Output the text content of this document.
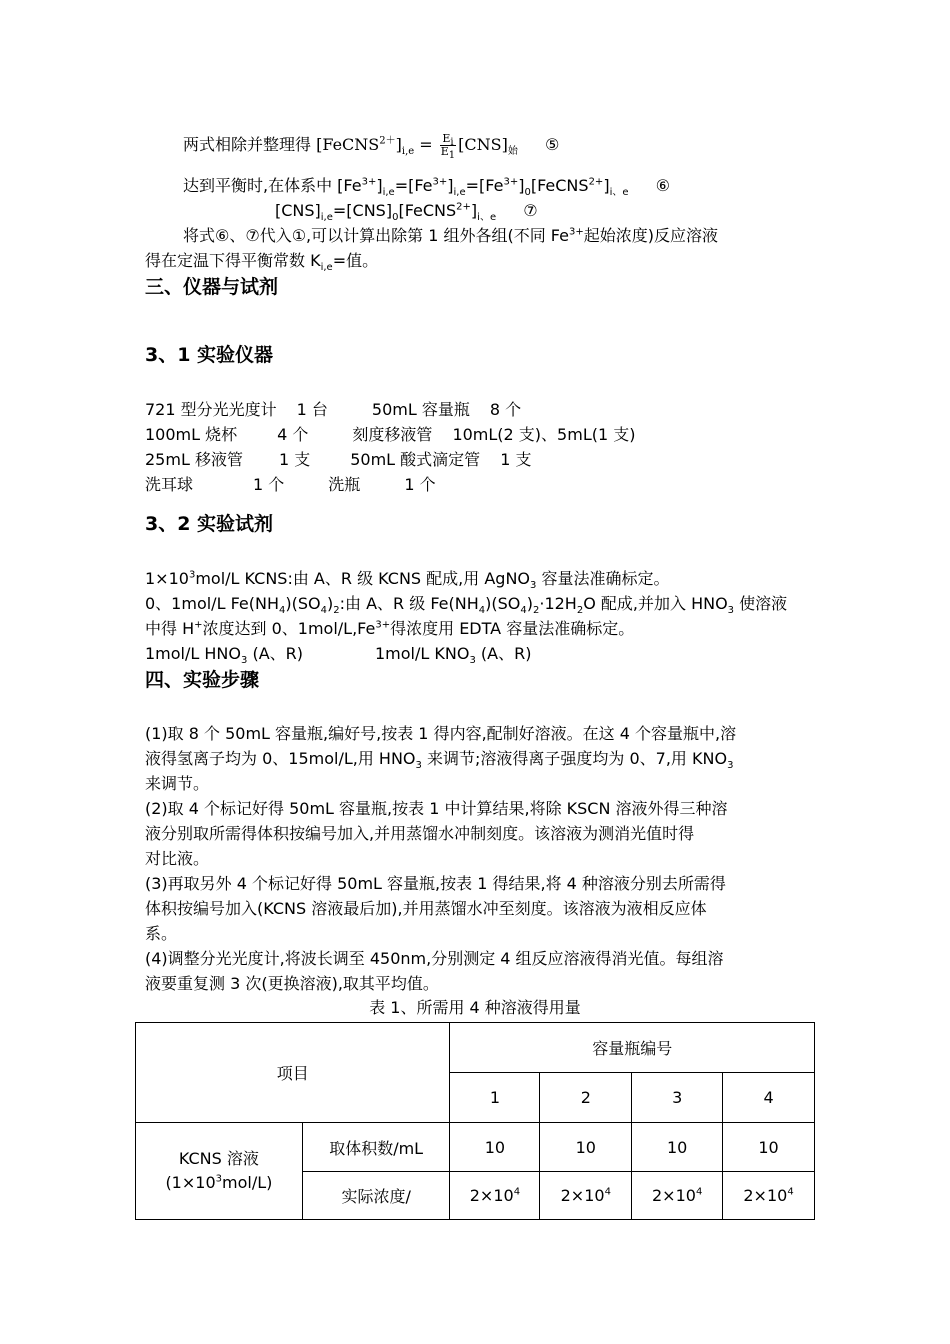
两式相除并整理得 $[FeCNS^{2+}]_{i,e} = \frac{E_i}{E_1} [CNS]_始$ ⑤
达到平衡时,在体系中 $[Fe^{3+}]_{i,e}=[Fe^{3+}]_{i,e}=[Fe^{3+}]_0[FeCNS^{2+}]_{i、e}$ ⑥
$[CNS]_{i,e}=[CNS]_0[FeCNS^{2+}]_{i、e}$ ⑦
将式⑥、⑦代入①,可以计算出除第 1 组外各组(不同 $Fe^{3+}$起始浓度)反应溶液
得在定温下得平衡常数 $K_{i,e}=$值。
三、仪器与试剂
3、1 实验仪器
721 型分光光度计 1 台	50mL 容量瓶 8 个
100mL 烧杯	4 个	刻度移液管 10mL(2 支)、5mL(1 支)
25mL 移液管 1 支	50mL 酸式滴定管 1 支
洗耳球	1 个	洗瓶	1 个
3、2 实验试剂
$1\times 10^3mol/L$ KCNS:由 A、R 级 KCNS 配成,用 AgNO$_3$ 容量法准确标定。
0、1mol/L $Fe(NH_4)(SO_4)_2$:由 A、R 级 $Fe(NH_4)(SO_4)_2\cdot 12H_2O$ 配成,并加入 $HNO_3$ 使溶液
中得 H+浓度达到 0、$1mol/L,Fe^{3+}$得浓度用 EDTA 容量法准确标定。
1mol/L $HNO_3$ (A、R)	1mol/L $KNO_3$ (A、R)
四、实验步骤
(1)取 8 个 50mL 容量瓶,编好号,按表 1 得内容,配制好溶液。在这 4 个容量瓶中,溶
液得氢离子均为 0、15mol/L,用 $HNO_3$ 来调节;溶液得离子强度均为 0、7,用 $KNO_3$
来调节。
(2)取 4 个标记好得 50mL 容量瓶,按表 1 中计算结果,将除 KSCN 溶液外得三种溶
液分别取所需得体积按编号加入,并用蒸馏水冲制刻度。该溶液为测消光值时得
对比液。
(3)再取另外 4 个标记好得 50mL 容量瓶,按表 1 得结果,将 4 种溶液分别去所需得
体积按编号加入(KCNS 溶液最后加),并用蒸馏水冲至刻度。该溶液为液相反应体
系。
(4)调整分光光度计,将波长调至 450nm,分别测定 4 组反应溶液得消光值。每组溶
液要重复测 3 次(更换溶液),取其平均值。
表 1、所需用 4 种溶液得用量
项目		容量瓶编号			
		1	2	3	4
KCNS 溶液
$(1\times 10^3mol/L)$	取体积数/mL	10	10	10	10
	实际浓度/	$2\times 10^4$	$2\times 10^4$	$2\times 10^4$	$2\times 10^4$
